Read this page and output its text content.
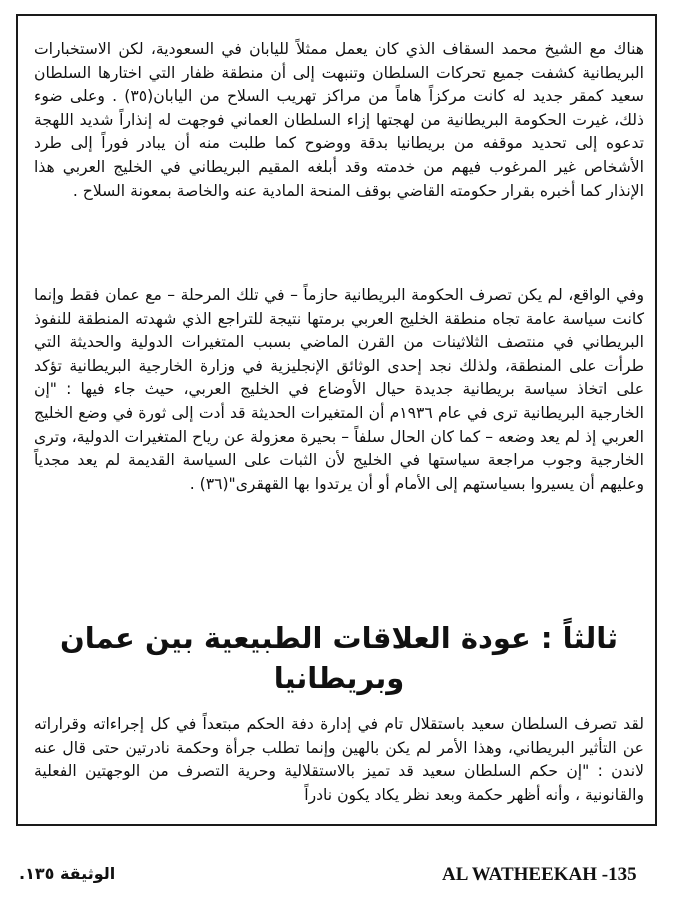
هناك مع الشيخ محمد السقاف الذي كان يعمل ممثلاً لليابان في السعودية، لكن الاستخبارات البريطانية كشفت جميع تحركات السلطان وتنبهت إلى أن منطقة ظفار التي اختارها السلطان سعيد كمقر جديد له كانت مركزاً هاماً من مراكز تهريب السلاح من اليابان(٣٥) . وعلى ضوء ذلك، غيرت الحكومة البريطانية من لهجتها إزاء السلطان العماني فوجهت له إنذاراً شديد اللهجة تدعوه إلى تحديد موقفه من بريطانيا بدقة ووضوح كما طلبت منه أن يبادر فوراً إلى طرد الأشخاص غير المرغوب فيهم من خدمته وقد أبلغه المقيم البريطاني في الخليج العربي هذا الإنذار كما أخبره بقرار حكومته القاضي بوقف المنحة المادية عنه والخاصة بمعونة السلاح .

وفي الواقع، لم يكن تصرف الحكومة البريطانية حازماً – في تلك المرحلة – مع عمان فقط وإنما كانت سياسة عامة تجاه منطقة الخليج العربي برمتها نتيجة للتراجع الذي شهدته المنطقة للنفوذ البريطاني في منتصف الثلاثينات من القرن الماضي بسبب المتغيرات الدولية والحديثة التي طرأت على المنطقة، ولذلك نجد إحدى الوثائق الإنجليزية في وزارة الخارجية البريطانية تؤكد على اتخاذ سياسة بريطانية جديدة حيال الأوضاع في الخليج العربي، حيث جاء فيها : "إن الخارجية البريطانية ترى في عام ١٩٣٦م أن المتغيرات الحديثة قد أدت إلى ثورة في وضع الخليج العربي إذ لم يعد وضعه – كما كان الحال سلفاً – بحيرة معزولة عن رياح المتغيرات الدولية، وترى الخارجية وجوب مراجعة سياستها في الخليج لأن الثبات على السياسة القديمة لم يعد مجدياً وعليهم أن يسيروا بسياستهم إلى الأمام أو أن يرتدوا بها القهقرى"(٣٦) .

ثالثاً : عودة العلاقات الطبيعية بين عمان وبريطانيا

لقد تصرف السلطان سعيد باستقلال تام في إدارة دفة الحكم مبتعداً في كل إجراءاته وقراراته عن التأثير البريطاني، وهذا الأمر لم يكن بالهين وإنما تطلب جرأة وحكمة نادرتين حتى قال عنه لاندن : "إن حكم السلطان سعيد قد تميز بالاستقلالية وحرية التصرف من الوجهتين الفعلية والقانونية ، وأنه أظهر حكمة وبعد نظر يكاد يكون نادراً

AL WATHEEKAH -135
الوثيقة ١٣٥.
